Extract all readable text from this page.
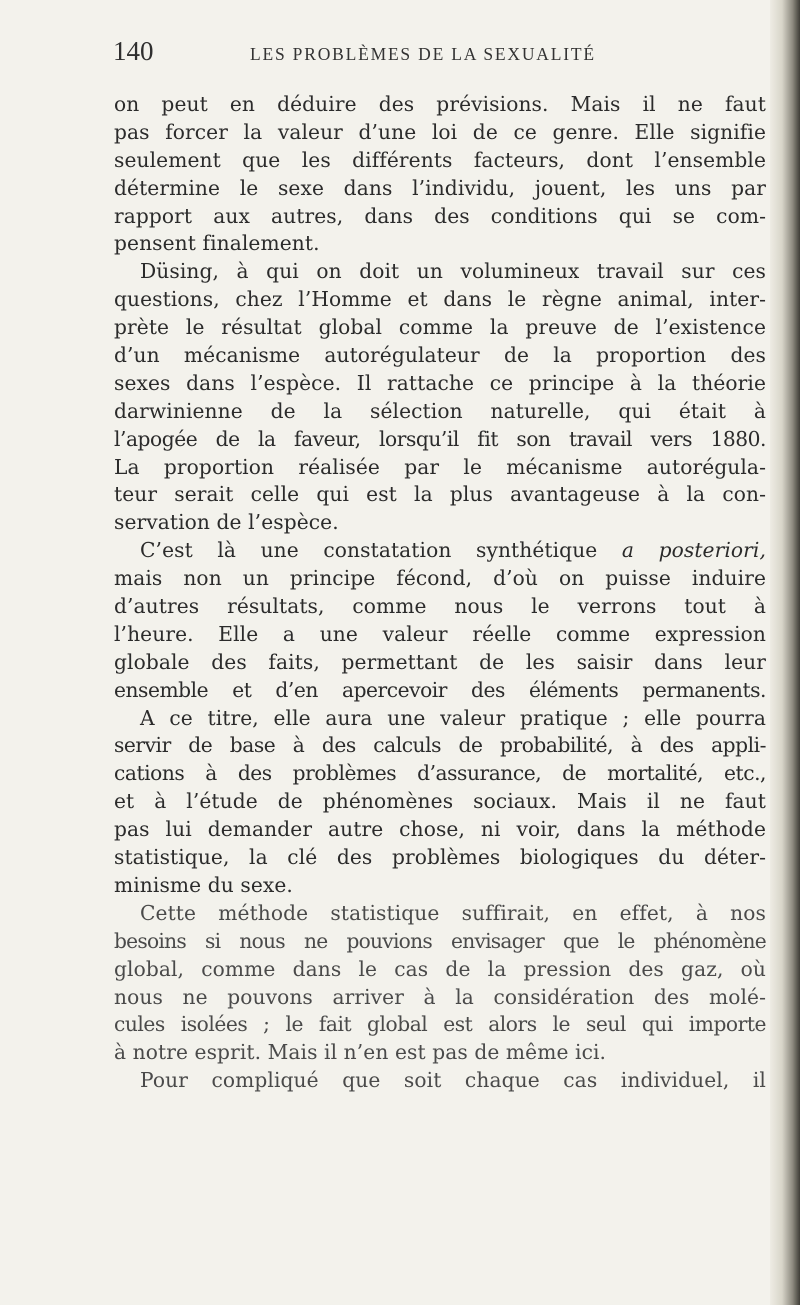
140	LES PROBLÈMES DE LA SEXUALITÉ
on peut en déduire des prévisions. Mais il ne faut
pas forcer la valeur d’une loi de ce genre. Elle signifie
seulement que les différents facteurs, dont l’ensemble
détermine le sexe dans l’individu, jouent, les uns par
rapport aux autres, dans des conditions qui se com-
pensent finalement.
Düsing, à qui on doit un volumineux travail sur ces
questions, chez l’Homme et dans le règne animal, inter-
prète le résultat global comme la preuve de l’existence
d’un mécanisme autorégulateur de la proportion des
sexes dans l’espèce. Il rattache ce principe à la théorie
darwinienne de la sélection naturelle, qui était à
l’apogée de la faveur, lorsqu’il fit son travail vers 1880.
La proportion réalisée par le mécanisme autorégula-
teur serait celle qui est la plus avantageuse à la con-
servation de l’espèce.
C’est là une constatation synthétique a posteriori,
mais non un principe fécond, d’où on puisse induire
d’autres résultats, comme nous le verrons tout à
l’heure. Elle a une valeur réelle comme expression
globale des faits, permettant de les saisir dans leur
ensemble et d’en apercevoir des éléments permanents.
A ce titre, elle aura une valeur pratique ; elle pourra
servir de base à des calculs de probabilité, à des appli-
cations à des problèmes d’assurance, de mortalité, etc.,
et à l’étude de phénomènes sociaux. Mais il ne faut
pas lui demander autre chose, ni voir, dans la méthode
statistique, la clé des problèmes biologiques du déter-
minisme du sexe.
Cette méthode statistique suffirait, en effet, à nos
besoins si nous ne pouvions envisager que le phénomène
global, comme dans le cas de la pression des gaz, où
nous ne pouvons arriver à la considération des molé-
cules isolées ; le fait global est alors le seul qui importe
à notre esprit. Mais il n’en est pas de même ici.
Pour compliqué que soit chaque cas individuel, il
